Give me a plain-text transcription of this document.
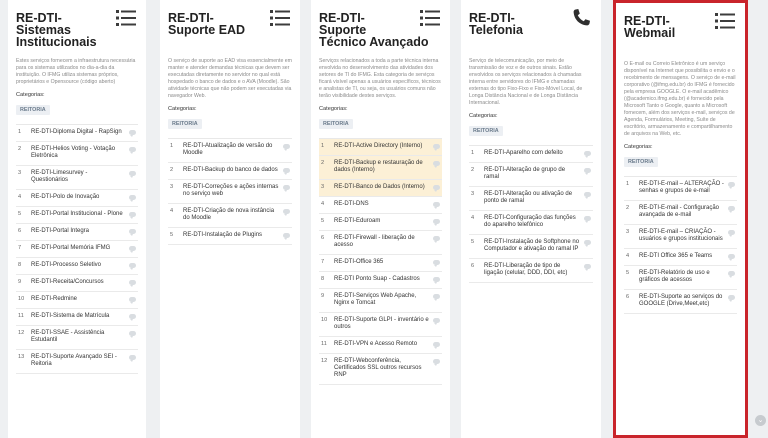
RE-DTI-
Sistemas
Institucionais
Estes serviços fornecem a infraestrutura necessária para os sistemas utilizados no dia-a-dia da instituição. O IFMG utiliza sistemas próprios, proprietários e Opensource (código aberto)
Categorias:
REITORIA
1	RE-DTI-Diploma Digital - RapSign
2	RE-DTI-Helios Voting - Votação Eletrônica
3	RE-DTI-Limesurvey - Questionários
4	RE-DTI-Polo de Inovação
5	RE-DTI-Portal Institucional - Plone
6	RE-DTI-Portal Integra
7	RE-DTI-Portal Memória IFMG
8	RE-DTI-Processo Seletivo
9	RE-DTI-Receita/Concursos
10	RE-DTI-Redmine
11	RE-DTI-Sistema de Matrícula
12	RE-DTI-SSAE - Assistência Estudantil
13	RE-DTI-Suporte Avançado SEI - Reitoria
RE-DTI-
Suporte EAD
O serviço de suporte ao EAD visa essencialmente em manter e atender demandas técnicas que devem ser executadas diretamente no servidor no qual está hospedado o banco de dados e o AVA (Moodle). São atividade técnicas que não podem ser executadas via navegador Web.
Categorias:
REITORIA
1	RE-DTI-Atualização de versão do Moodle
2	RE-DTI-Backup do banco de dados
3	RE-DTI-Correções e ações internas no serviço web
4	RE-DTI-Criação de nova instância do Moodle
5	RE-DTI-Instalação de Plugins
RE-DTI-
Suporte
Técnico Avançado
Serviços relacionados a toda a parte técnica interna envolvida no desenvolvimento das atividades dos setores de TI do IFMG. Esta categoria de serviços ficará visível apenas a usuários específicos, técnicos e analistas de TI, ou seja, os usuários comuns não terão visibilidade destes serviços.
Categorias:
REITORIA
1	RE-DTI-Active Directory (Interno)
2	RE-DTI-Backup e restauração de dados (Interno)
3	RE-DTI-Banco de Dados (Interno)
4	RE-DTI-DNS
5	RE-DTI-Eduroam
6	RE-DTI-Firewall - liberação de acesso
7	RE-DTI-Office 365
8	RE-DTI Ponto Suap - Cadastros
9	RE-DTI-Serviços Web Apache, Nginx e Tomcat
10	RE-DTI-Suporte GLPI - inventário e outros
11	RE-DTI-VPN e Acesso Remoto
12	RE-DTI-Webconferência, Certificados SSL outros recursos RNP
RE-DTI-
Telefonia
Serviço de telecomunicação, por meio de transmissão de voz e de outros sinais. Estão envolvidos os serviços relacionados à chamadas interna entre servidores do IFMG e chamadas externas do tipo Fixo-Fixo e Fixo-Móvel Local, de Longa Distância Nacional e de Longa Distância Internacional.
Categorias:
REITORIA
1	RE-DTI-Aparelho com defeito
2	RE-DTI-Alteração de grupo de ramal
3	RE-DTI-Alteração ou ativação de ponto de ramal
4	RE-DTI-Configuração das funções do aparelho telefônico
5	RE-DTI-Instalação de Softphone no Computador e ativação do ramal IP
6	RE-DTI-Liberação de tipo de ligação (celular, DDD, DDI, etc)
RE-DTI-
Webmail
O E-mail ou Correio Eletrônico é um serviço disponível na Internet que possibilita o envio e o recebimento de mensagens. O serviço de e-mail corporativo (@ifmg.edu.br) do IFMG é fornecido pela empresa GOOGLE. O e-mail acadêmico (@academico.ifmg.edu.br) é fornecido pela Microsoft Tanto o Google, quanto a Microsoft fornecem, além dos serviços e-mail, serviços de Agenda, Formulários, Meeting, Suíte de escritório, armazenamento e compartilhamento de arquivos na Web, etc.
Categorias:
REITORIA
1	RE-DTI-E-mail – ALTERAÇÃO - senhas e grupos de e-mail
2	RE-DTI-E-mail - Configuração avançada de e-mail
3	RE-DTI-E-mail – CRIAÇÃO - usuários e grupos institucionais
4	RE-DTI Office 365 e Teams
5	RE-DTI-Relatório de uso e gráficos de acessos
6	RE-DTI-Suporte ao serviços do GOOGLE (Drive,Meet,etc)
⌄
